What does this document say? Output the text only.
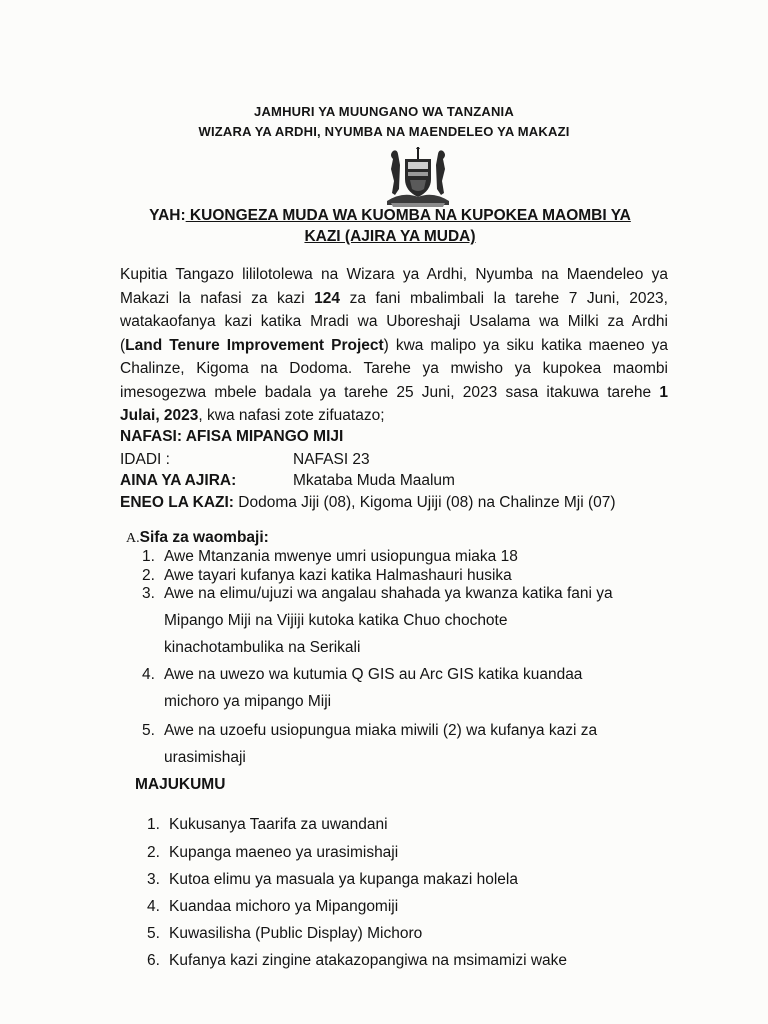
JAMHURI YA MUUNGANO WA TANZANIA
WIZARA YA ARDHI, NYUMBA NA MAENDELEO YA MAKAZI
YAH: KUONGEZA MUDA WA KUOMBA NA KUPOKEA MAOMBI YA
KAZI (AJIRA YA MUDA)
Kupitia Tangazo lililotolewa na Wizara ya Ardhi, Nyumba na Maendeleo ya Makazi la nafasi za kazi 124 za fani mbalimbali la tarehe 7 Juni, 2023, watakaofanya kazi katika Mradi wa Uboreshaji Usalama wa Milki za Ardhi (Land Tenure Improvement Project) kwa malipo ya siku katika maeneo ya Chalinze, Kigoma na Dodoma. Tarehe ya mwisho ya kupokea maombi imesogezwa mbele badala ya tarehe 25 Juni, 2023 sasa itakuwa tarehe 1 Julai, 2023, kwa nafasi zote zifuatazo;
NAFASI: AFISA MIPANGO MIJI
IDADI :	NAFASI 23
AINA YA AJIRA:	Mkataba Muda Maalum
ENEO LA KAZI: Dodoma Jiji (08), Kigoma Ujiji (08) na Chalinze Mji (07)
A.Sifa za waombaji:
1. Awe Mtanzania mwenye umri usiopungua miaka 18
2. Awe tayari kufanya kazi katika Halmashauri husika
3. Awe na elimu/ujuzi wa angalau shahada ya kwanza katika fani ya
Mipango Miji na Vijiji kutoka katika Chuo chochote
kinachotambulika na Serikali
4. Awe na uwezo wa kutumia Q GIS au Arc GIS katika kuandaa
michoro ya mipango Miji
5. Awe na uzoefu usiopungua miaka miwili (2) wa kufanya kazi za
urasimishaji
MAJUKUMU
1. Kukusanya Taarifa za uwandani
2. Kupanga maeneo ya urasimishaji
3. Kutoa elimu ya masuala ya kupanga makazi holela
4. Kuandaa michoro ya Mipangomiji
5. Kuwasilisha (Public Display) Michoro
6. Kufanya kazi zingine atakazopangiwa na msimamizi wake
